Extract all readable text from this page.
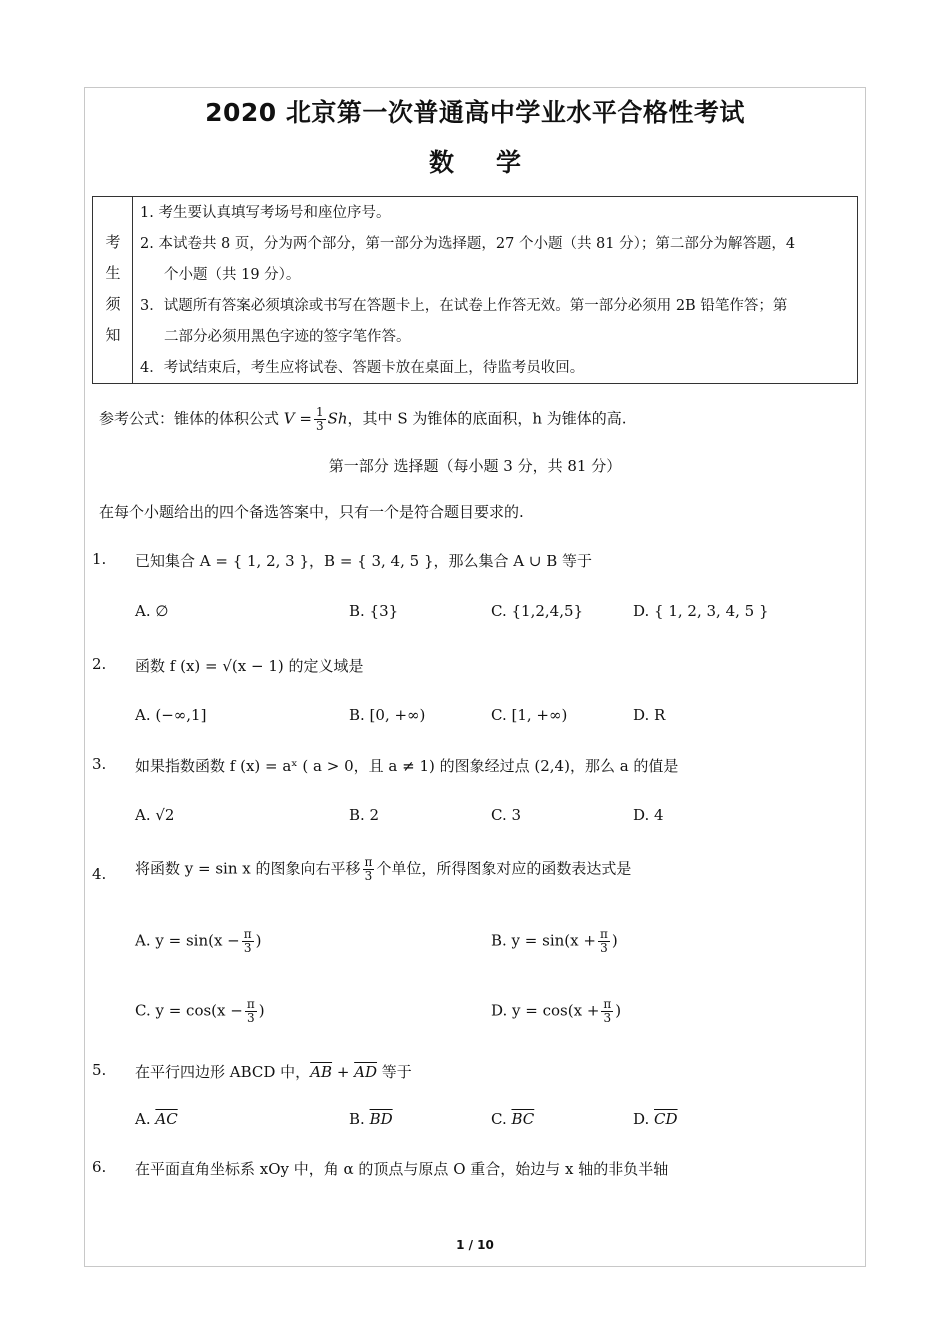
2020 北京第一次普通高中学业水平合格性考试
数学
考
生
须
知
1. 考生要认真填写考场号和座位序号。
2. 本试卷共 8 页，分为两个部分，第一部分为选择题，27 个小题（共 81 分）；第二部分为解答题，4
个小题（共 19 分）。
3．试题所有答案必须填涂或书写在答题卡上，在试卷上作答无效。第一部分必须用 2B 铅笔作答；第
二部分必须用黑色字迹的签字笔作答。
4．考试结束后，考生应将试卷、答题卡放在桌面上，待监考员收回。
参考公式：锥体的体积公式 $V = \frac{1}{3}$ Sh，其中 S 为锥体的底面积，h 为锥体的高.
第一部分 选择题（每小题 3 分，共 81 分）
在每个小题给出的四个备选答案中，只有一个是符合题目要求的.
1. 已知集合 A = { 1, 2, 3 }，B = { 3, 4, 5 }，那么集合 A ∪ B 等于
A. ∅	B. {3}	C. {1,2,4,5}	D. { 1, 2, 3, 4, 5 }
2. 函数 f (x) = √(x − 1) 的定义域是
A. (−∞,1]	B. [0, +∞)	C. [1, +∞)	D. R
3. 如果指数函数 f (x) = aˣ ( a > 0，且 a ≠ 1) 的图象经过点 (2,4)，那么 a 的值是
A. √2	B. 2	C. 3	D. 4
4. 将函数 y = sin x 的图象向右平移 $\frac{\pi}{3}$ 个单位，所得图象对应的函数表达式是
A. $y = \sin(x - \frac{\pi}{3}$ )	B. $y = \sin(x + \frac{\pi}{3}$ )
C. $y = \cos(x - \frac{\pi}{3}$ )	D. $y = \cos(x + \frac{\pi}{3}$ )
5. 在平行四边形 ABCD 中，$\overline{AB} + \overline{AD}$ 等于
A. $\overline{AC}$	B. $\overline{BD}$	C. $\overline{BC}$	D. $\overline{CD}$
6. 在平面直角坐标系 xOy 中，角 α 的顶点与原点 O 重合，始边与 x 轴的非负半轴
1 / 10
